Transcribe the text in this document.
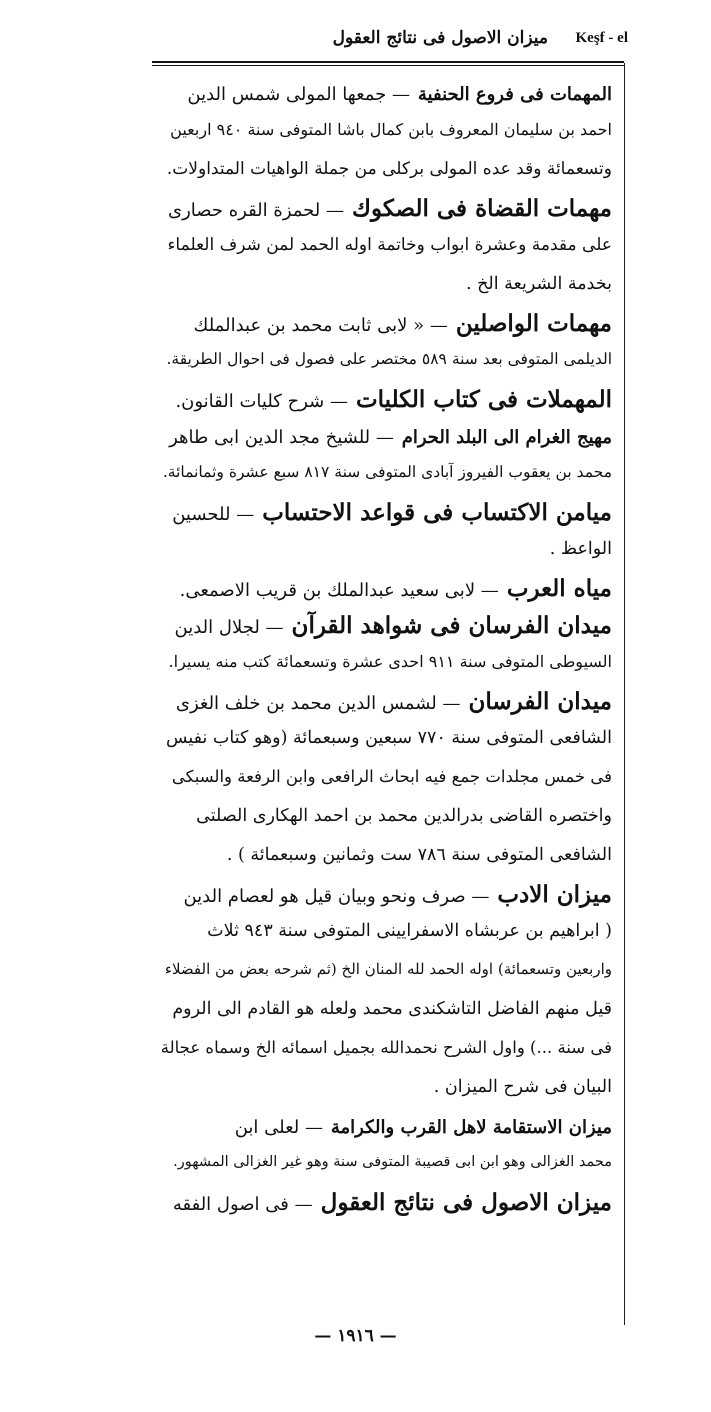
ميزان الاصول فى نتائج العقول Keşf - el
المهمات فى فروع الحنفية — جمعها المولى شمس الدين
احمد بن سليمان المعروف بابن كمال باشا المتوفى سنة ٩٤٠ اربعين
وتسعمائة وقد عده المولى بركلى من جملة الواهيات المتداولات.
مهمات القضاة فى الصكوك — لحمزة القره حصارى
على مقدمة وعشرة ابواب وخاتمة اوله الحمد لمن شرف العلماء
بخدمة الشريعة الخ .
مهمات الواصلين — « لابى ثابت محمد بن عبدالملك
الديلمى المتوفى بعد سنة ٥٨٩ مختصر على فصول فى احوال الطريقة.
المهملات فى كتاب الكليات — شرح كليات القانون.
مهيج الغرام الى البلد الحرام — للشيخ مجد الدين ابى طاهر
محمد بن يعقوب الفيروز آبادى المتوفى سنة ٨١٧ سبع عشرة وثمانمائة.
ميامن الاكتساب فى قواعد الاحتساب — للحسين
الواعظ .
مياه العرب — لابى سعيد عبدالملك بن قريب الاصمعى.
ميدان الفرسان فى شواهد القرآن — لجلال الدين
السيوطى المتوفى سنة ٩١١ احدى عشرة وتسعمائة كتب منه يسيرا.
ميدان الفرسان — لشمس الدين محمد بن خلف الغزى
الشافعى المتوفى سنة ٧٧٠ سبعين وسبعمائة (وهو كتاب نفيس
فى خمس مجلدات جمع فيه ابحاث الرافعى وابن الرفعة والسبكى
واختصره القاضى بدرالدين محمد بن احمد الهكارى الصلتى
الشافعى المتوفى سنة ٧٨٦ ست وثمانين وسبعمائة ) .
ميزان الادب — صرف ونحو وبيان قيل هو لعصام الدين
( ابراهيم بن عربشاه الاسفرايينى المتوفى سنة ٩٤٣ ثلاث
واربعين وتسعمائة) اوله الحمد لله المنان الخ (ثم شرحه بعض من الفضلاء
قيل منهم الفاضل التاشكندى محمد ولعله هو القادم الى الروم
فى سنة ...) واول الشرح نحمدالله بجميل اسمائه الخ وسماه عجالة
البيان فى شرح الميزان .
ميزان الاستقامة لاهل القرب والكرامة — لعلى ابن
محمد الغزالى وهو ابن ابى قصيبة المتوفى سنة وهو غير الغزالى المشهور.
ميزان الاصول فى نتائج العقول — فى اصول الفقه
— ١٩١٦ —
